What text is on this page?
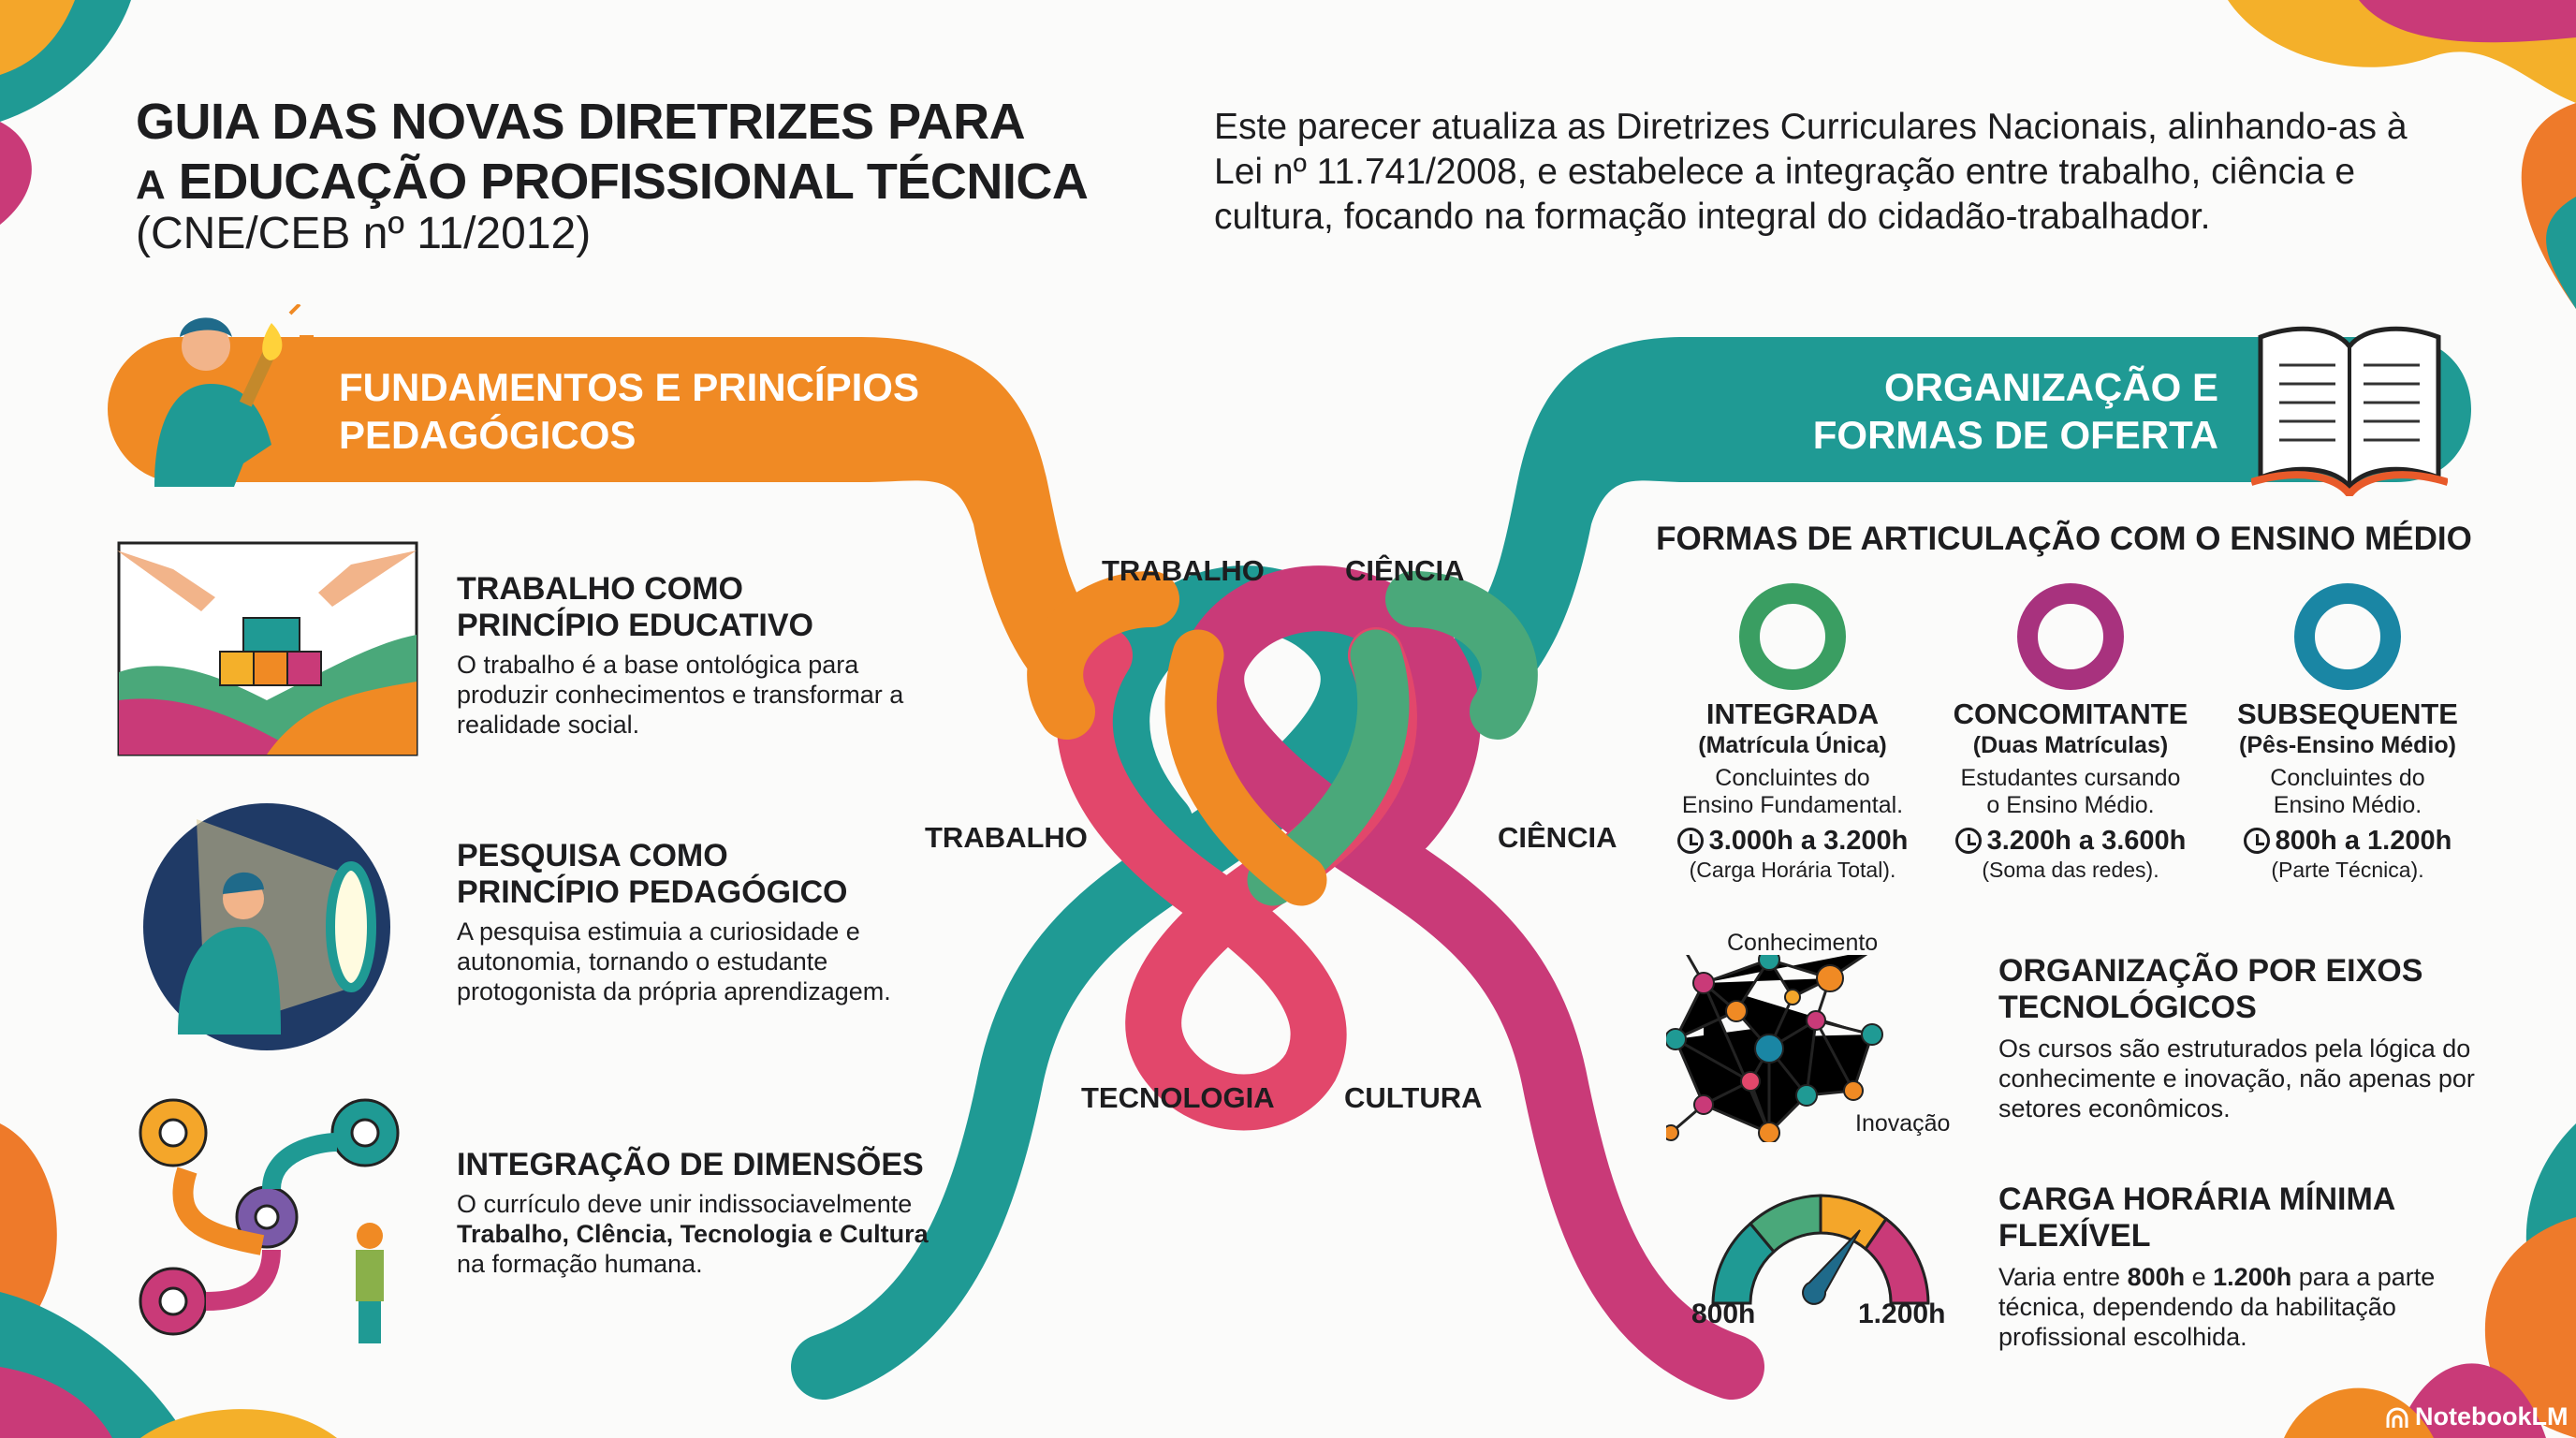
GUIA DAS NOVAS DIRETRIZES PARA
A EDUCAÇÃO PROFISSIONAL TÉCNICA
(CNE/CEB nº 11/2012)
Este parecer atualiza as Diretrizes Curriculares Nacionais, alinhando-as à Lei nº 11.741/2008, e estabelece a integração entre trabalho, ciência e cultura, focando na formação integral do cidadão-trabalhador.
FUNDAMENTOS E PRINCÍPIOS
PEDAGÓGICOS
ORGANIZAÇÃO E
FORMAS DE OFERTA
TRABALHO COMO
PRINCÍPIO EDUCATIVO
O trabalho é a base ontológica para produzir conhecimentos e transformar a realidade social.
PESQUISA COMO
PRINCÍPIO PEDAGÓGICO
A pesquisa estimuia a curiosidade e autonomia, tornando o estudante protogonista da própria aprendizagem.
INTEGRAÇÃO DE DIMENSÕES
O currículo deve unir indissociavelmente
Trabalho, Clência, Tecnologia e Cultura
na formação humana.
TRABALHO	CIÊNCIA
TRABALHO	CIÊNCIA
TECNOLOGIA CULTURA
FORMAS DE ARTICULAÇÃO COM O ENSINO MÉDIO
INTEGRADA
(Matrícula Única)
Concluintes do
Ensino Fundamental.
3.000h a 3.200h
(Carga Horária Total).
CONCOMITANTE
(Duas Matrículas)
Estudantes cursando
o Ensino Médio.
3.200h a 3.600h
(Soma das redes).
SUBSEQUENTE
(Pês-Ensino Médio)
Concluintes do
Ensino Médio.
800h a 1.200h
(Parte Técnica).
Conhecimento
Inovação
ORGANIZAÇÃO POR EIXOS
TECNOLÓGICOS
Os cursos são estruturados pela lógica do conhecimente e inovação, não apenas por setores econômicos.
800h	1.200h
CARGA HORÁRIA MÍNIMA
FLEXÍVEL
Varia entre 800h e 1.200h para a parte técnica, dependendo da habilitação profissional escolhida.
NotebookLM
